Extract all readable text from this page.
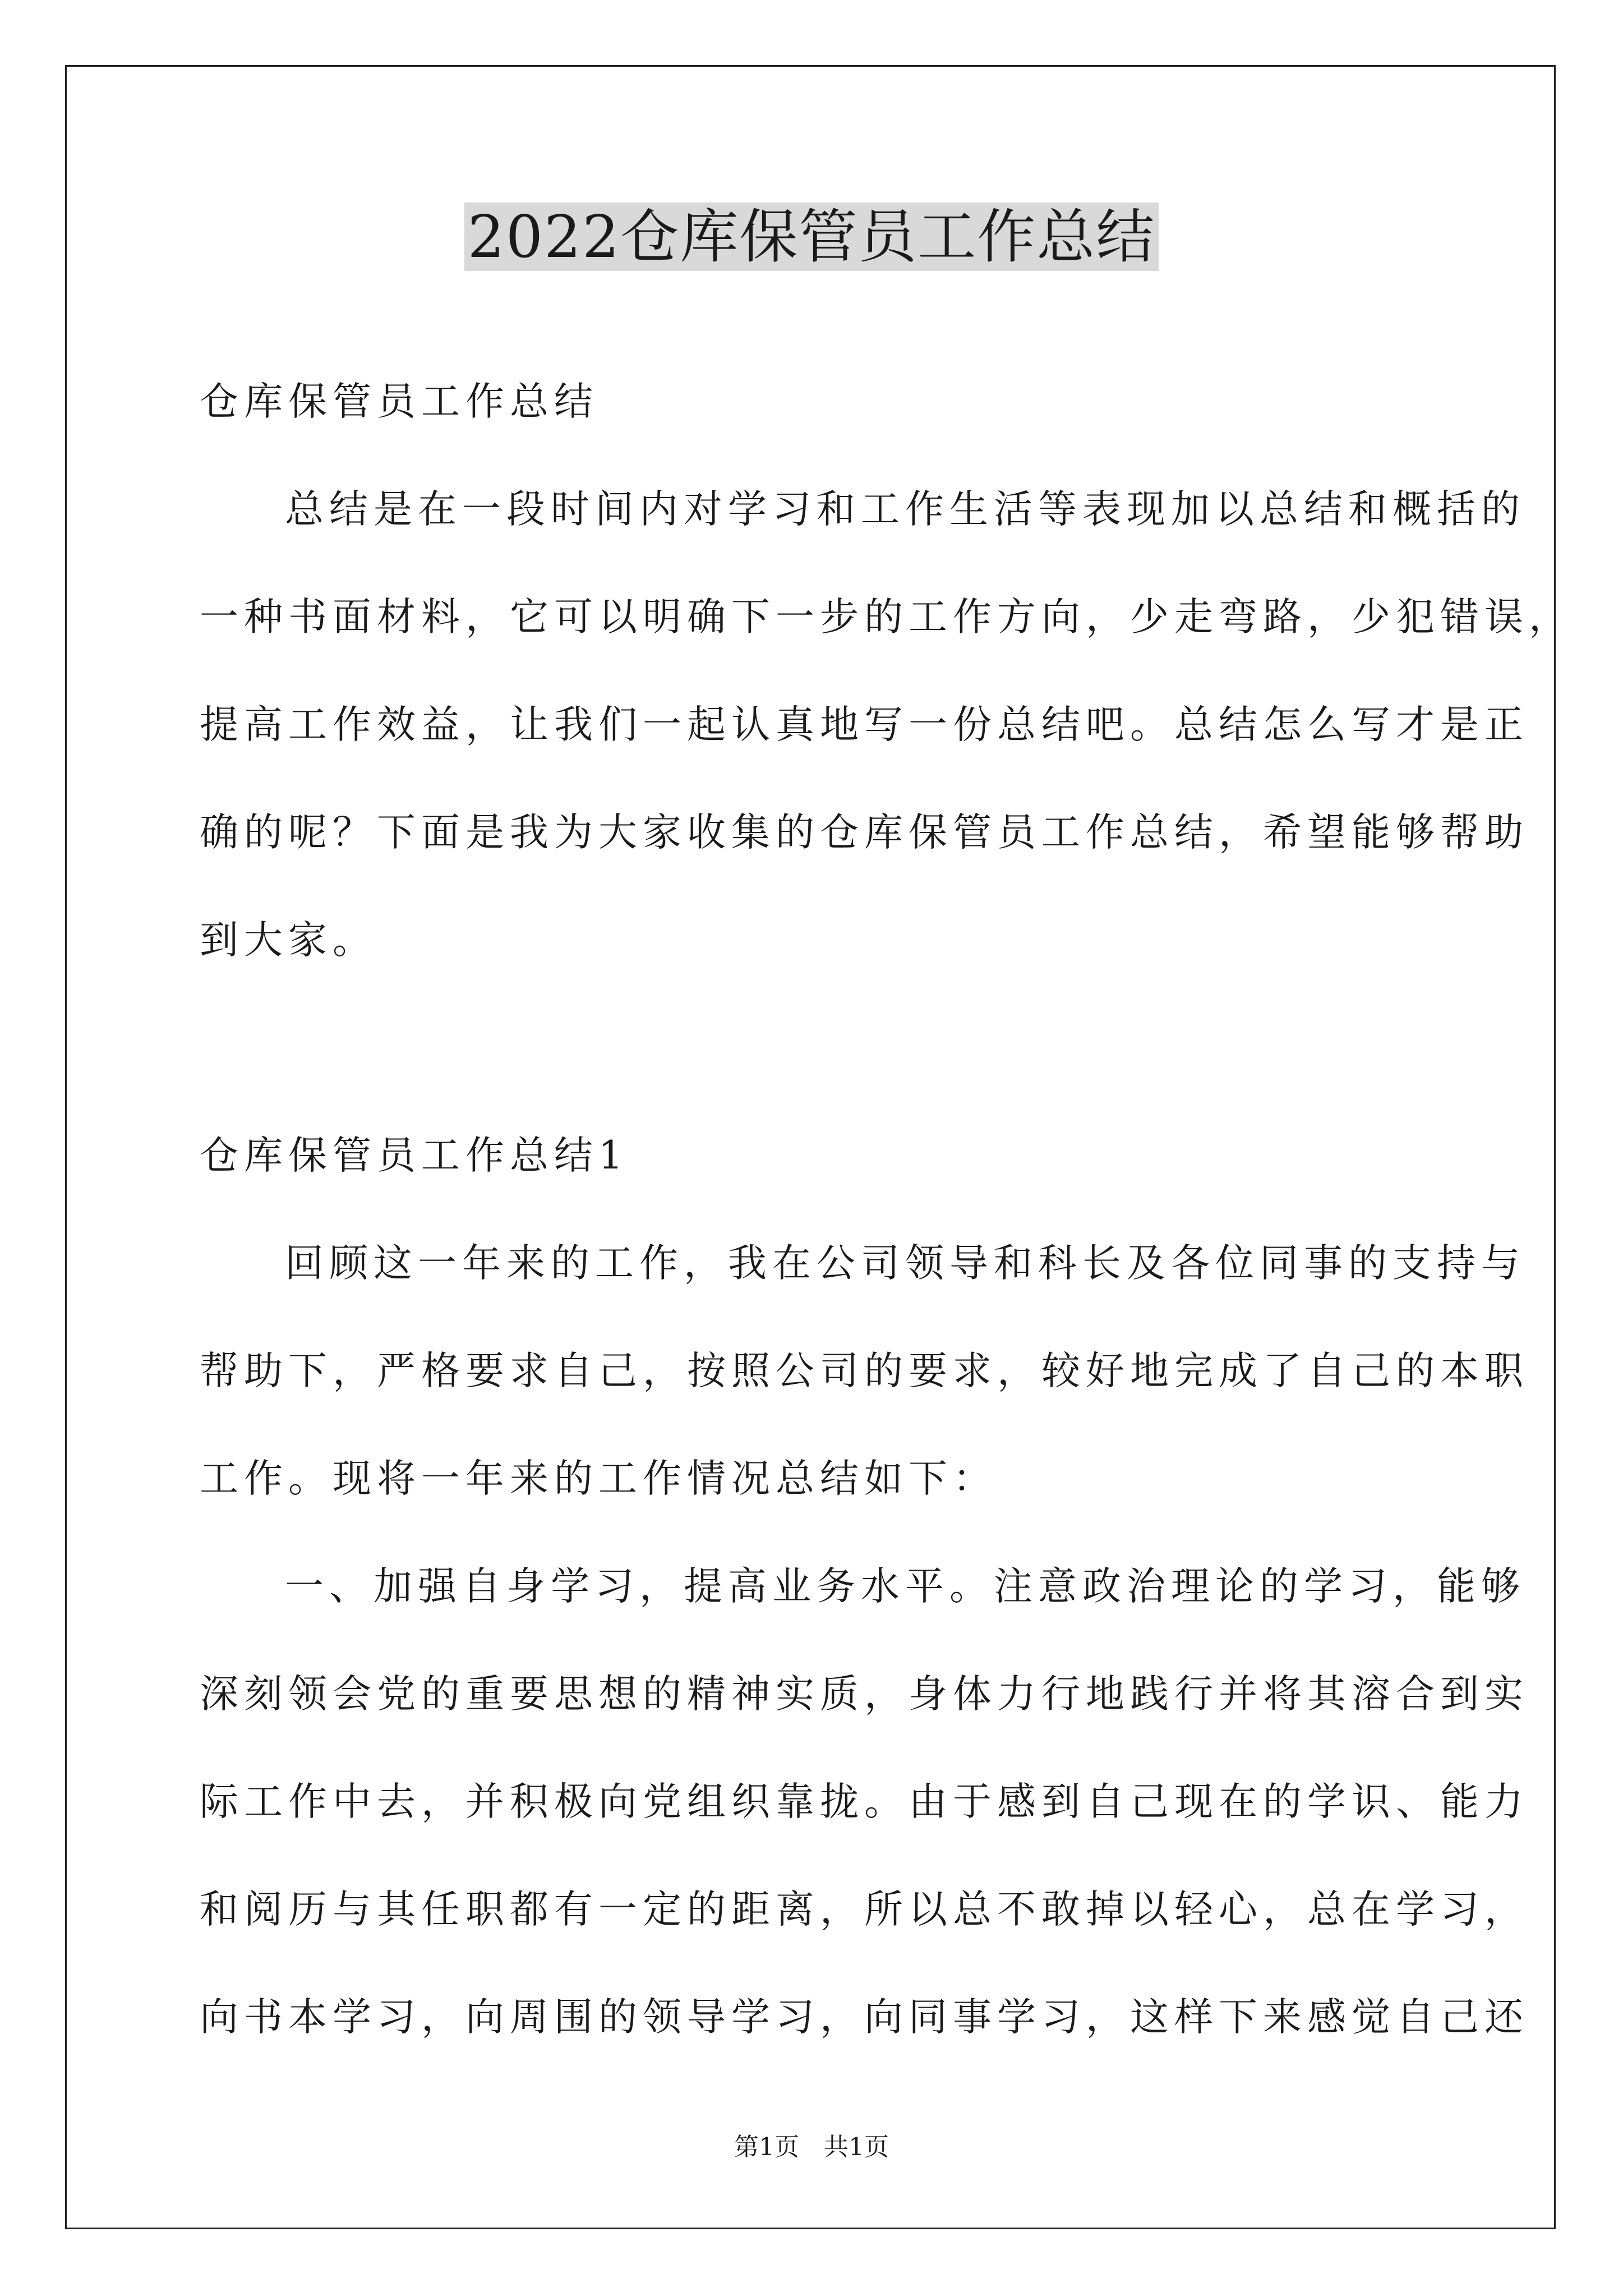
2022仓库保管员工作总结
仓库保管员工作总结
总结是在一段时间内对学习和工作生活等表现加以总结和概括的
一种书面材料，它可以明确下一步的工作方向，少走弯路，少犯错误，
提高工作效益，让我们一起认真地写一份总结吧。总结怎么写才是正
确的呢？下面是我为大家收集的仓库保管员工作总结，希望能够帮助
到大家。
仓库保管员工作总结1
回顾这一年来的工作，我在公司领导和科长及各位同事的支持与
帮助下，严格要求自己，按照公司的要求，较好地完成了自己的本职
工作。现将一年来的工作情况总结如下：
一、加强自身学习，提高业务水平。注意政治理论的学习，能够
深刻领会党的重要思想的精神实质，身体力行地践行并将其溶合到实
际工作中去，并积极向党组织靠拢。由于感到自己现在的学识、能力
和阅历与其任职都有一定的距离，所以总不敢掉以轻心，总在学习，
向书本学习，向周围的领导学习，向同事学习，这样下来感觉自己还
第1页　共1页
